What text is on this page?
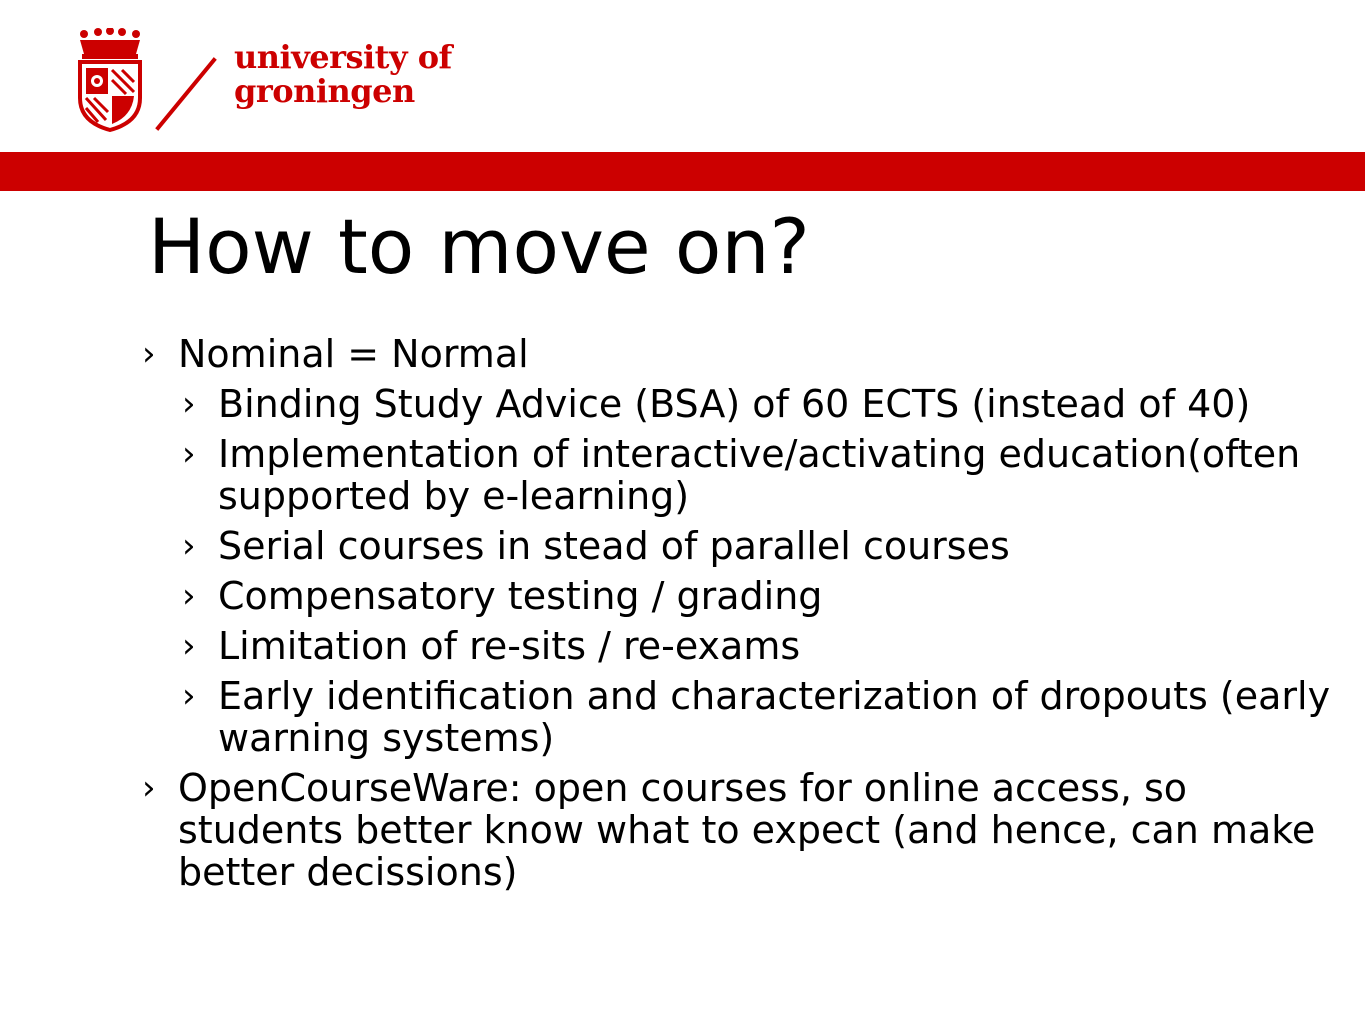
university of
groningen
How to move on?
› Nominal = Normal
› Binding Study Advice (BSA) of 60 ECTS (instead of 40)
› Implementation of interactive/activating education(often supported by e-learning)
› Serial courses in stead of parallel courses
› Compensatory testing / grading
› Limitation of re-sits / re-exams
› Early identification and characterization of dropouts (early warning systems)
› OpenCourseWare: open courses for online access, so students better know what to expect (and hence, can make better decissions)
